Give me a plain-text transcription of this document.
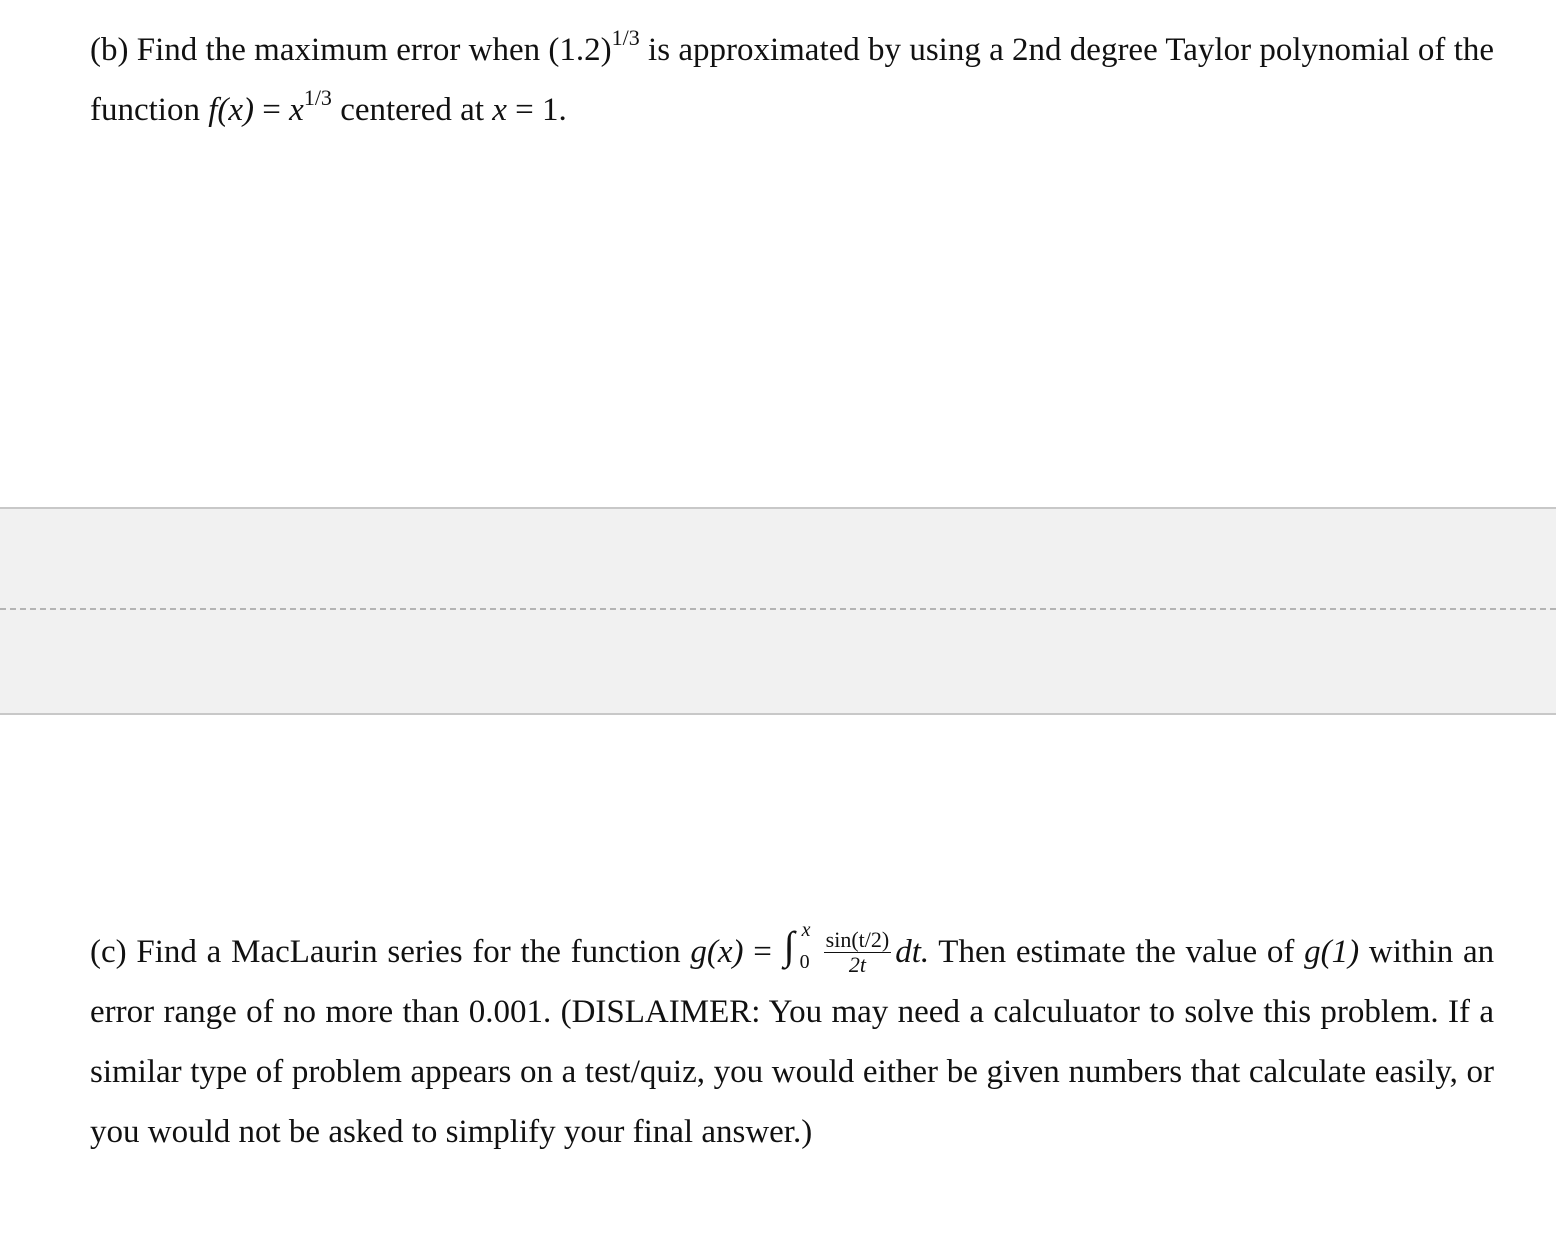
(b) Find the maximum error when $(1.2)^{1/3}$ is approximated by using a 2nd degree Taylor polynomial of the function $f(x) = x^{1/3}$ centered at x = 1.

(c) Find a MacLaurin series for the function g(x) = ∫ x
$0 \frac{\sin(t/2)}{2t}$ dt. Then estimate the value of g(1) within an error range of no more than 0.001. (DISLAIMER: You may need a calculuator to solve this problem. If a similar type of problem appears on a test/quiz, you would either be given numbers that calculate easily, or you would not be asked to simplify your final answer.)
